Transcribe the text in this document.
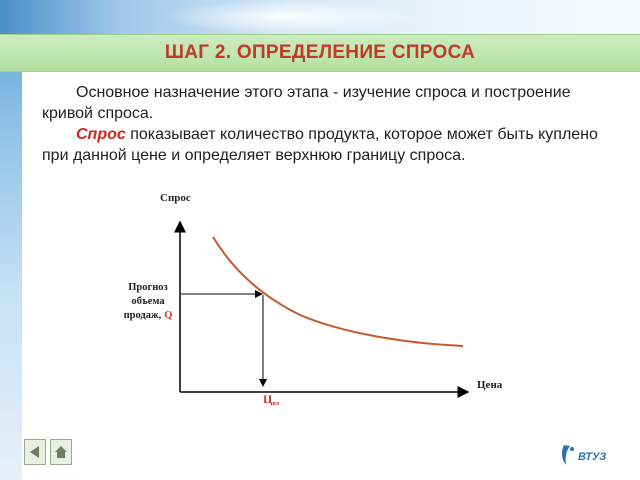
ШАГ 2. ОПРЕДЕЛЕНИЕ СПРОСА

Основное назначение этого этапа - изучение спроса и построение кривой спроса.

Спрос показывает количество продукта, которое может быть куплено при данной цене и определяет верхнюю границу спроса.

Спрос
Цена
Прогноз
объема
продаж, Q
Цпл
ВТУЗ
